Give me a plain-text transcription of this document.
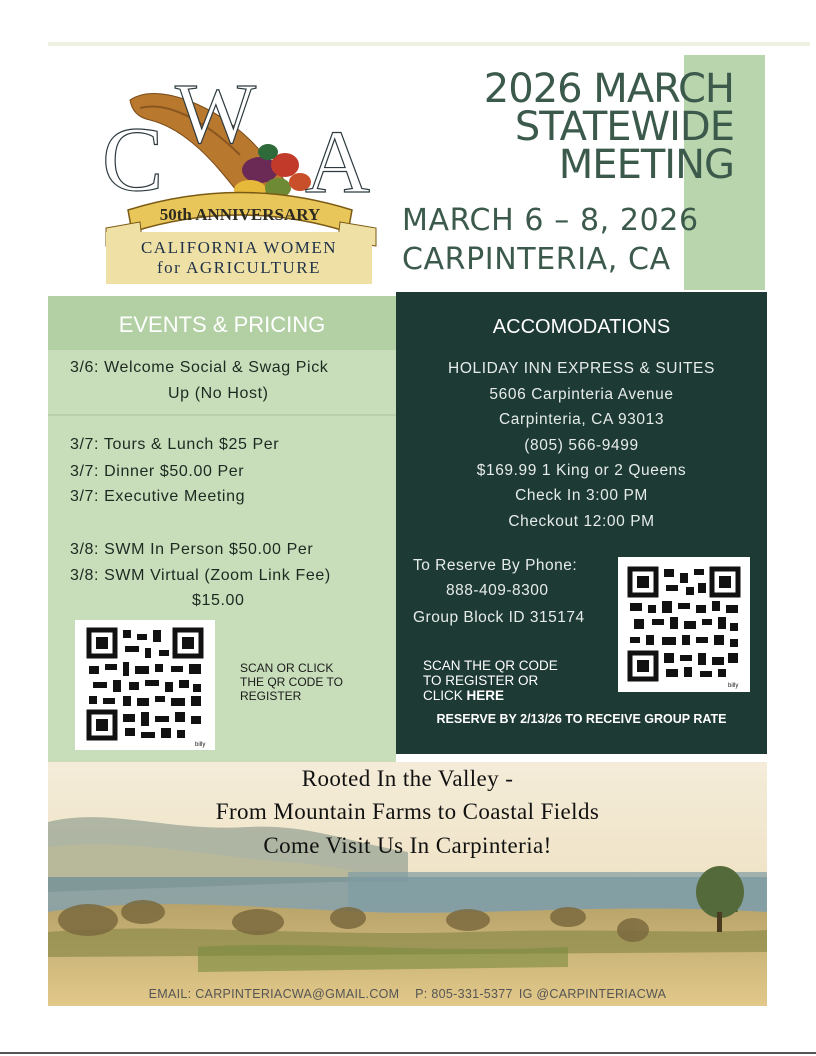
C W A
50th ANNIVERSARY
CALIFORNIA WOMEN
for AGRICULTURE
2026 MARCH
STATEWIDE
MEETING
MARCH 6 – 8, 2026
CARPINTERIA, CA
EVENTS & PRICING
3/6: Welcome Social & Swag Pick
Up (No Host)
3/7: Tours & Lunch $25 Per
3/7: Dinner $50.00 Per
3/7: Executive Meeting
3/8: SWM In Person $50.00 Per
3/8: SWM Virtual (Zoom Link Fee)
$15.00
billy
SCAN OR CLICK
THE QR CODE TO
REGISTER
ACCOMODATIONS
HOLIDAY INN EXPRESS & SUITES
5606 Carpinteria Avenue
Carpinteria, CA 93013
(805) 566-9499
$169.99 1 King or 2 Queens
Check In 3:00 PM
Checkout 12:00 PM
To Reserve By Phone:
888-409-8300
Group Block ID 315174
billy
SCAN THE QR CODE
TO REGISTER OR
CLICK HERE
RESERVE BY 2/13/26 TO RECEIVE GROUP RATE
Rooted In the Valley -
From Mountain Farms to Coastal Fields
Come Visit Us In Carpinteria!
EMAIL: CARPINTERIACWA@GMAIL.COM P: 805-331-5377 IG @CARPINTERIACWA
